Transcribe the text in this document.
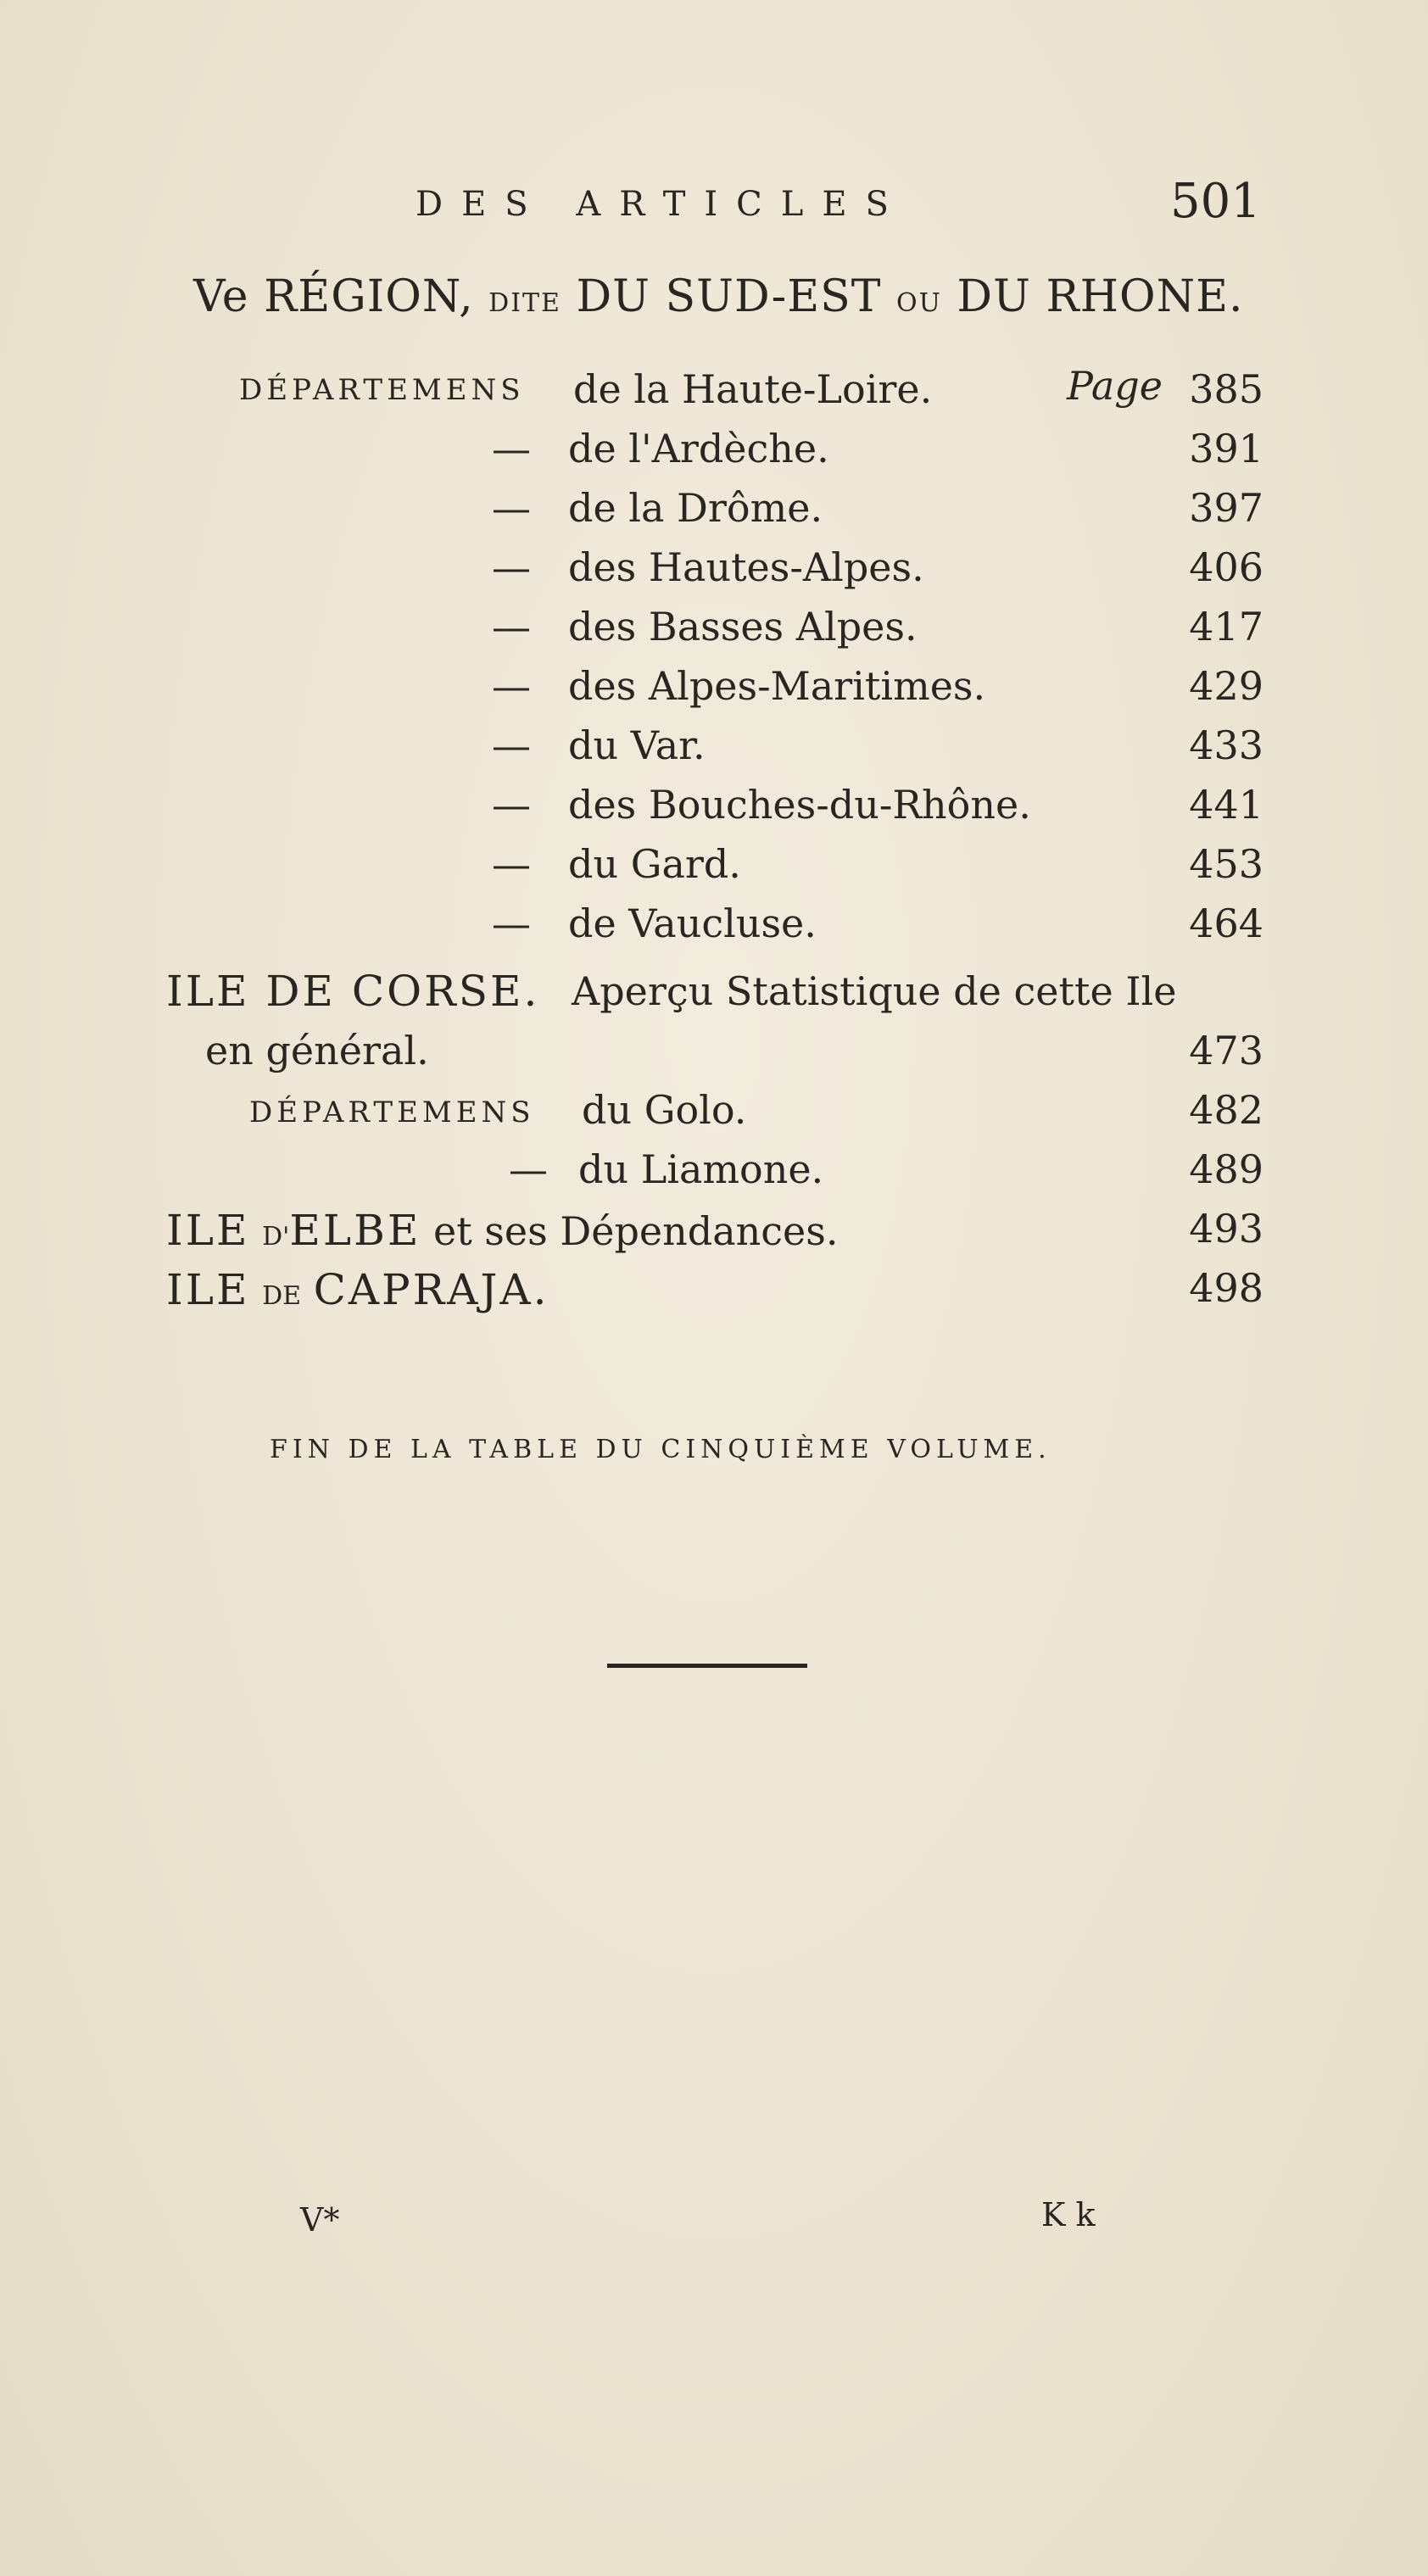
DES ARTICLES	501
Ve RÉGION, DITE DU SUD-EST OU DU RHONE.
DÉPARTEMENS de la Haute-Loire.	Page 385
— de l'Ardèche.	391
— de la Drôme.	397
— des Hautes-Alpes.	406
— des Basses Alpes.	417
— des Alpes-Maritimes.	429
— du Var.	433
— des Bouches-du-Rhône.	441
— du Gard.	453
— de Vaucluse.	464
ILE DE CORSE. Aperçu Statistique de cette Ile
en général.	473
DÉPARTEMENS du Golo.	482
— du Liamone.	489
ILE D'ELBE et ses Dépendances.	493
ILE DE CAPRAJA.	498
FIN DE LA TABLE DU CINQUIÈME VOLUME.
V*	K k
